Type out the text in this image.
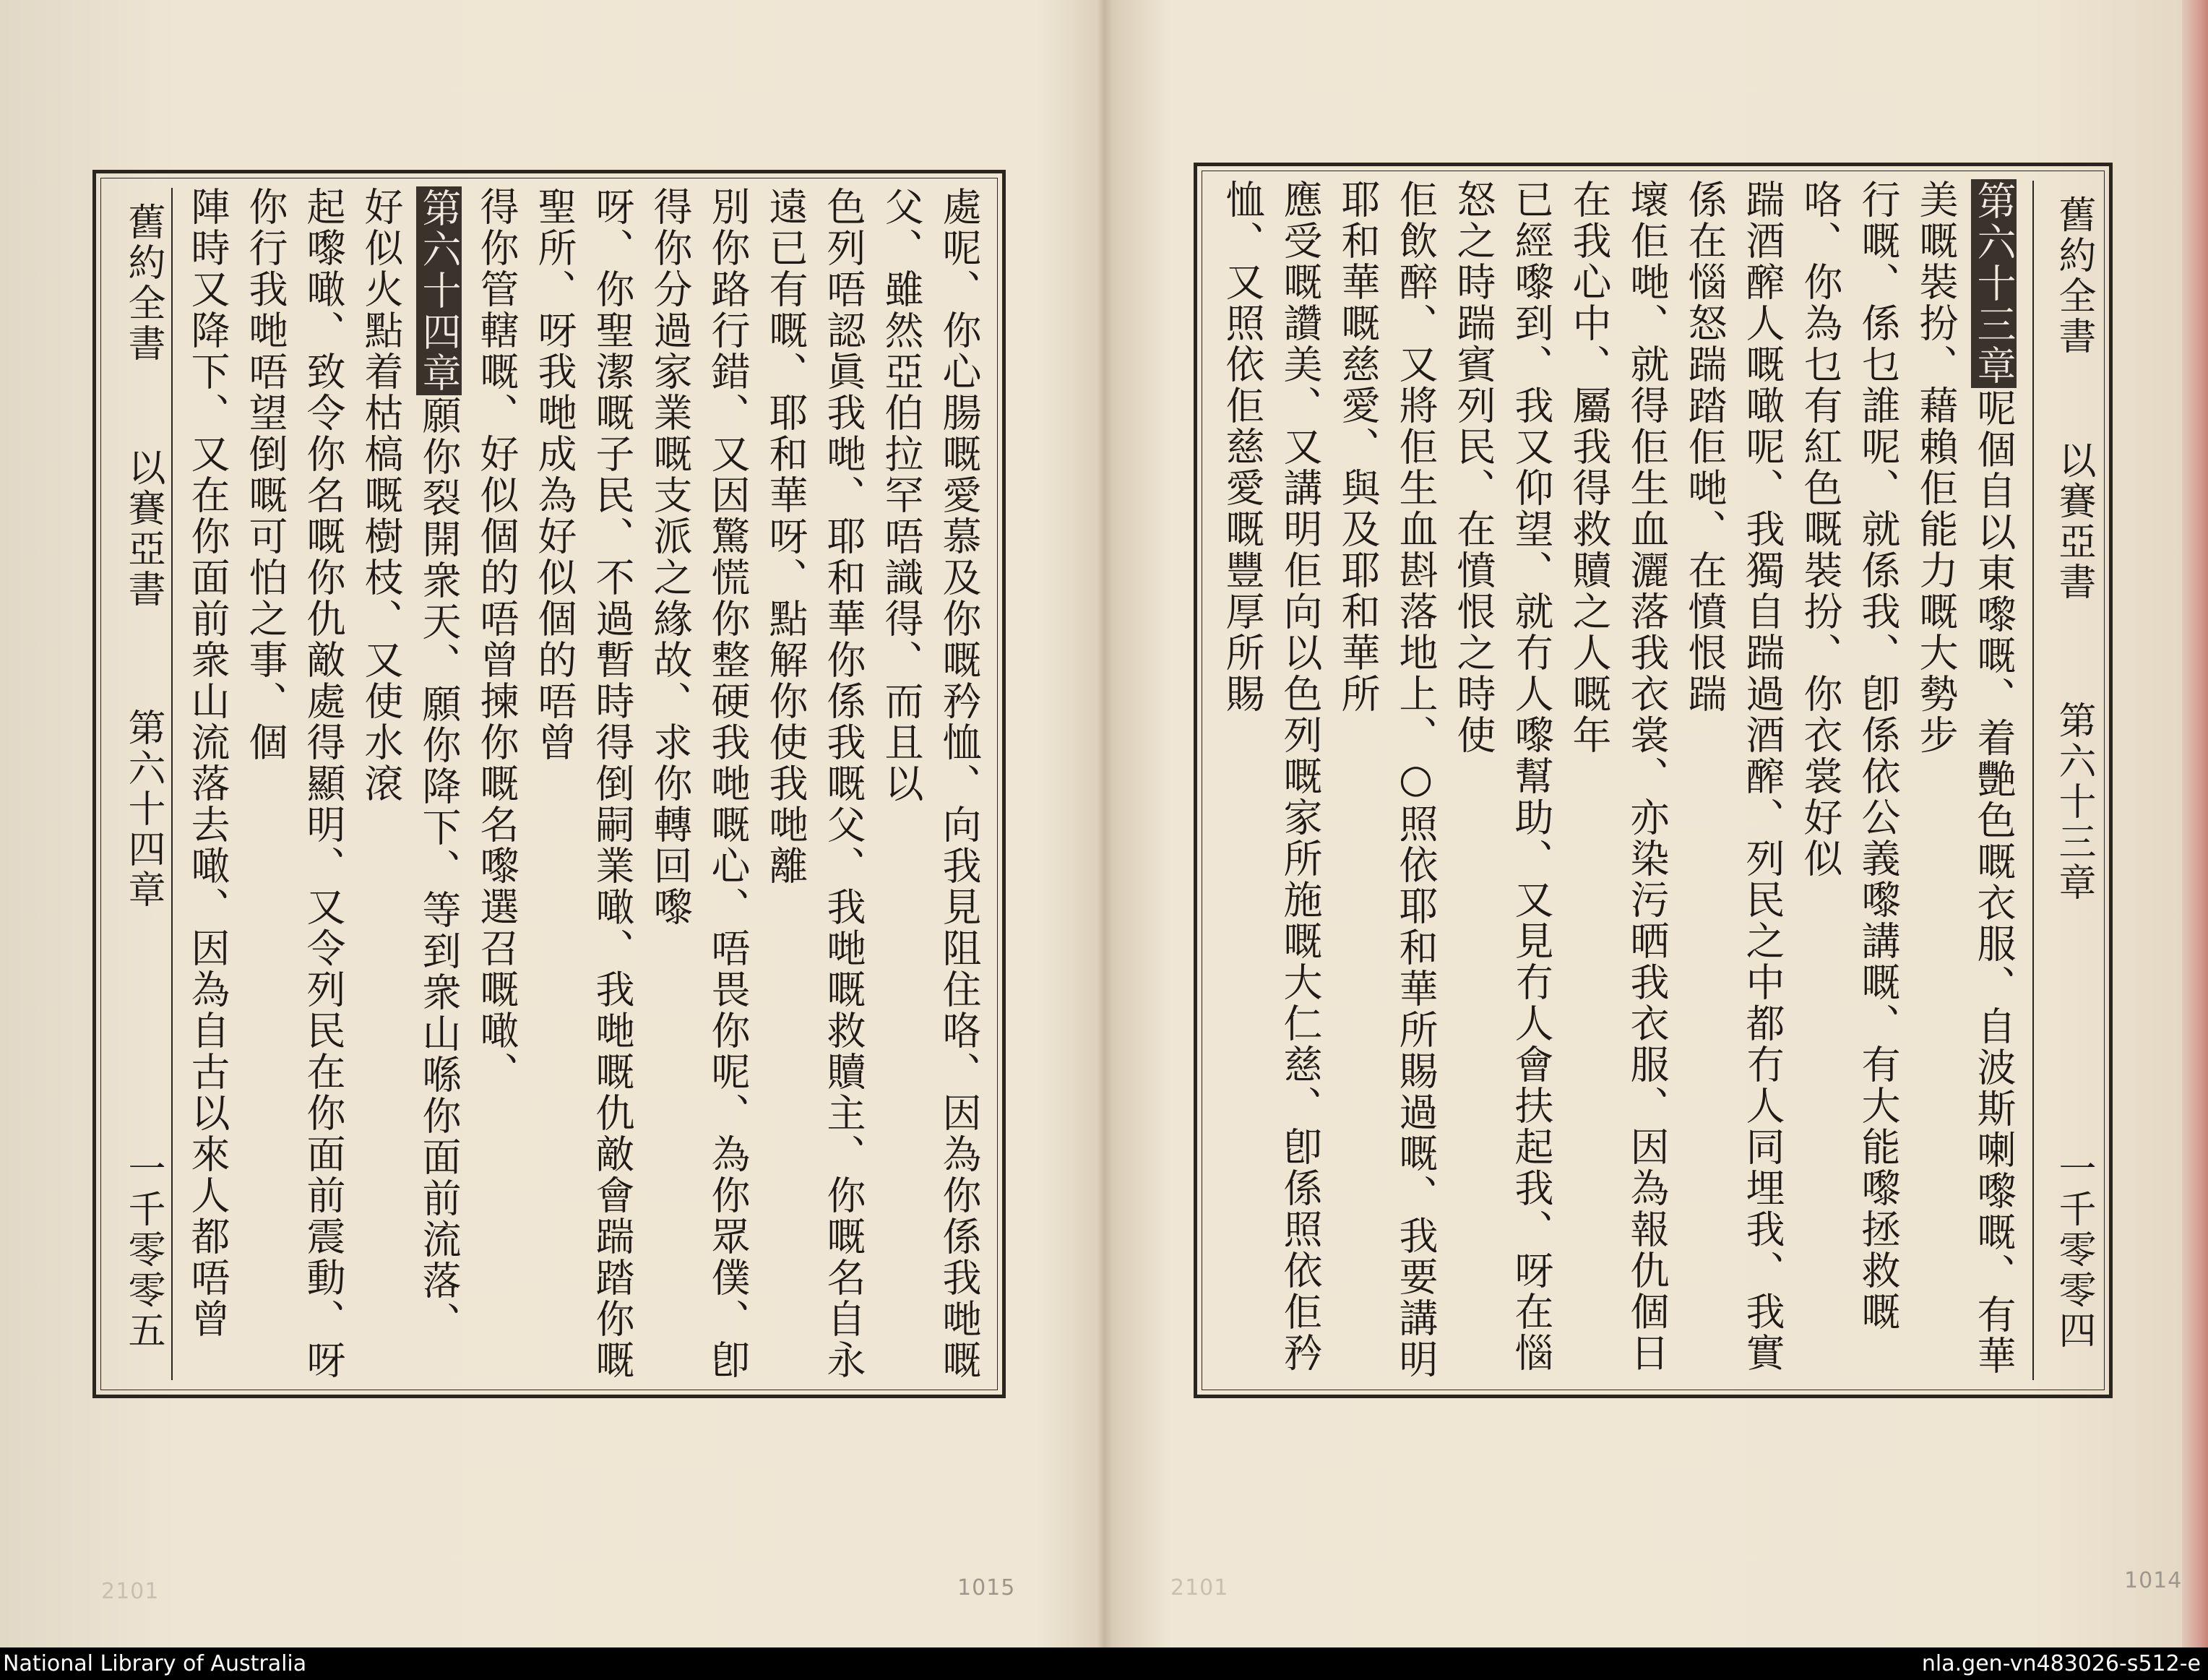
舊約全書
以賽亞書
第六十四章
一千零零五	處呢、你心腸嘅愛慕及你嘅矜恤、向我見阻住咯、因為你係我哋嘅父、雖然亞伯拉罕唔識得、而且以
色列唔認眞我哋、耶和華你係我嘅父、我哋嘅救贖主、你嘅名自永遠已有嘅、耶和華呀、點解你使我哋離
別你路行錯、又因驚慌你整硬我哋嘅心、唔畏你呢、為你眾僕、卽得你分過家業嘅支派之緣故、求你轉回嚟
呀、你聖潔嘅子民、不過暫時得倒嗣業噉、我哋嘅仇敵會踹踏你嘅聖所、呀我哋成為好似個的唔曾
得你管轄嘅、好似個的唔曾揀你嘅名嚟選召嘅噉、
第六十四章願你裂開衆天、願你降下、等到衆山喺你面前流落、好似火點着枯槁嘅樹枝、又使水滾
起嚟噉、致令你名嘅你仇敵處得顯明、又令列民在你面前震動、呀你行我哋唔望倒嘅可怕之事、個
陣時又降下、又在你面前衆山流落去噉、因為自古以來人都唔曾
1015
2101
舊約全書
以賽亞書
第六十三章
一千零零四
第六十三章呢個自以東嚟嘅、着艷色嘅衣服、自波斯喇嚟嘅、有華美嘅裝扮、藉賴佢能力嘅大勢步
行嘅、係乜誰呢、就係我、卽係依公義嚟講嘅、有大能嚟拯救嘅咯、你為乜有紅色嘅裝扮、你衣裳好似
踹酒醡人嘅噉呢、我獨自踹過酒醡、列民之中都冇人同埋我、我實係在惱怒踹踏佢哋、在憤恨踹
壞佢哋、就得佢生血灑落我衣裳、亦染污晒我衣服、因為報仇個日在我心中、屬我得救贖之人嘅年
已經嚟到、我又仰望、就冇人嚟幫助、又見冇人會扶起我、呀在惱怒之時踹賓列民、在憤恨之時使
佢飲醉、又將佢生血斟落地上、○照依耶和華所賜過嘅、我要講明耶和華嘅慈愛、與及耶和華所
應受嘅讚美、又講明佢向以色列嘅家所施嘅大仁慈、卽係照依佢矜恤、又照依佢慈愛嘅豐厚所賜
2101	1014
National Library of Australia	nla.gen-vn483026-s512-e
